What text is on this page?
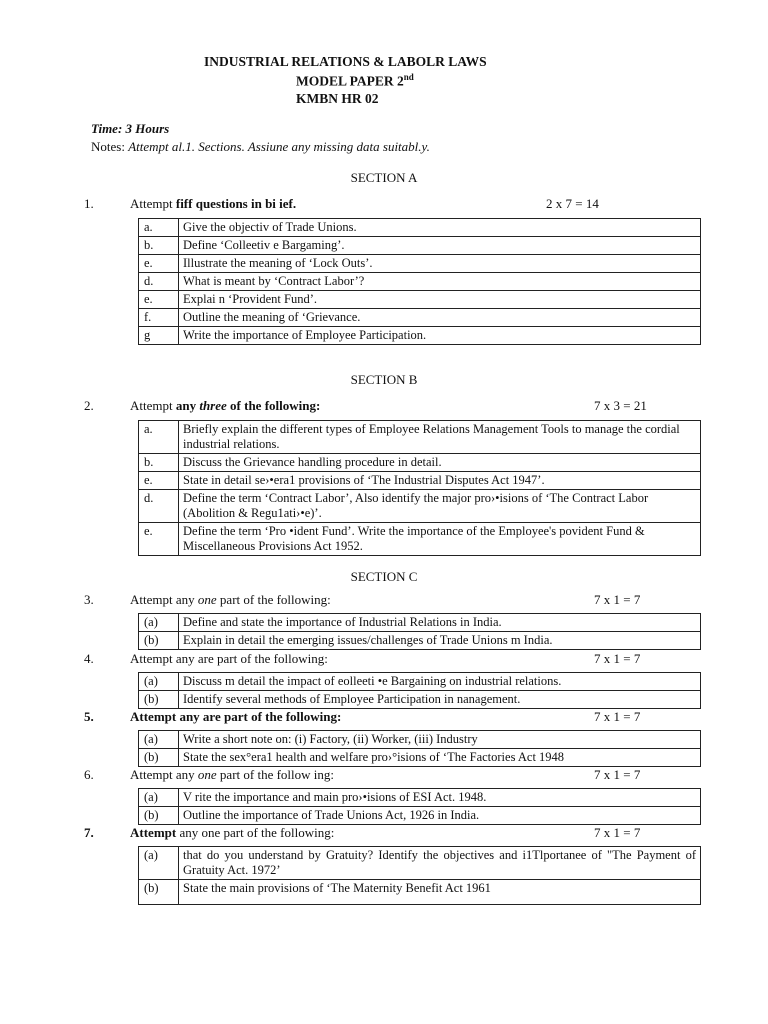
INDUSTRIAL RELATIONS & LABOLR LAWS
MODEL PAPER 2nd
KMBN HR 02
Time: 3 Hours
Notes: Attempt al.1. Sections. Assiune any missing data suitabl.y.
SECTION A
1.	Attempt fiff questions in bi ief.	2 x 7 = 14
a.	Give the objectiv of Trade Unions.
b.	Define ‘Colleetiv e Bargaming’.
e.	Illustrate the meaning of ‘Lock Outs’.
d.	What is meant by ‘Contract Labor’?
e.	Explai n ‘Provident Fund’.
f.	Outline the meaning of ‘Grievance.
g	Write the importance of Employee Participation.
SECTION B
2.	Attempt any three of the following:	7 x 3 = 21
a.	Briefly explain the different types of Employee Relations Management Tools to manage the cordial industrial relations.
b.	Discuss the Grievance handling procedure in detail.
e.	State in detail se›•era1 provisions of ‘The Industrial Disputes Act 1947’.
d.	Define the term ‘Contract Labor’, Also identify the major pro›•isions of ‘The Contract Labor (Abolition & Regu1ati›•e)’.
e.	Define the term ‘Pro •ident Fund’. Write the importance of the Employee's povident Fund & Miscellaneous Provisions Act 1952.
SECTION C
3.	Attempt any one part of the following:	7 x 1 = 7
(a)	Define and state the importance of Industrial Relations in India.
(b)	Explain in detail the emerging issues/challenges of Trade Unions m India.
4.	Attempt any are part of the following:	7 x 1 = 7
(a)	Discuss m detail the impact of eolleeti •e Bargaining on industrial relations.
(b)	Identify several methods of Employee Participation in nanagement.
5.	Attempt any are part of the following:	7 x 1 = 7
(a)	Write a short note on: (i) Factory, (ii) Worker, (iii) Industry
(b)	State the sex°era1 health and welfare pro›°isions of ‘The Factories Act 1948
6.	Attempt any one part of the follow ing:	7 x 1 = 7
(a)	V rite the importance and main pro›•isions of ESI Act. 1948.
(b)	Outline the importance of Trade Unions Act, 1926 in India.
7.	Attempt any one part of the following:	7 x 1 = 7
(a)	that do you understand by Gratuity? Identify the objectives and i1Tlportanee of "The Payment of Gratuity Act. 1972’
(b)	State the main provisions of ‘The Maternity Benefit Act 1961
